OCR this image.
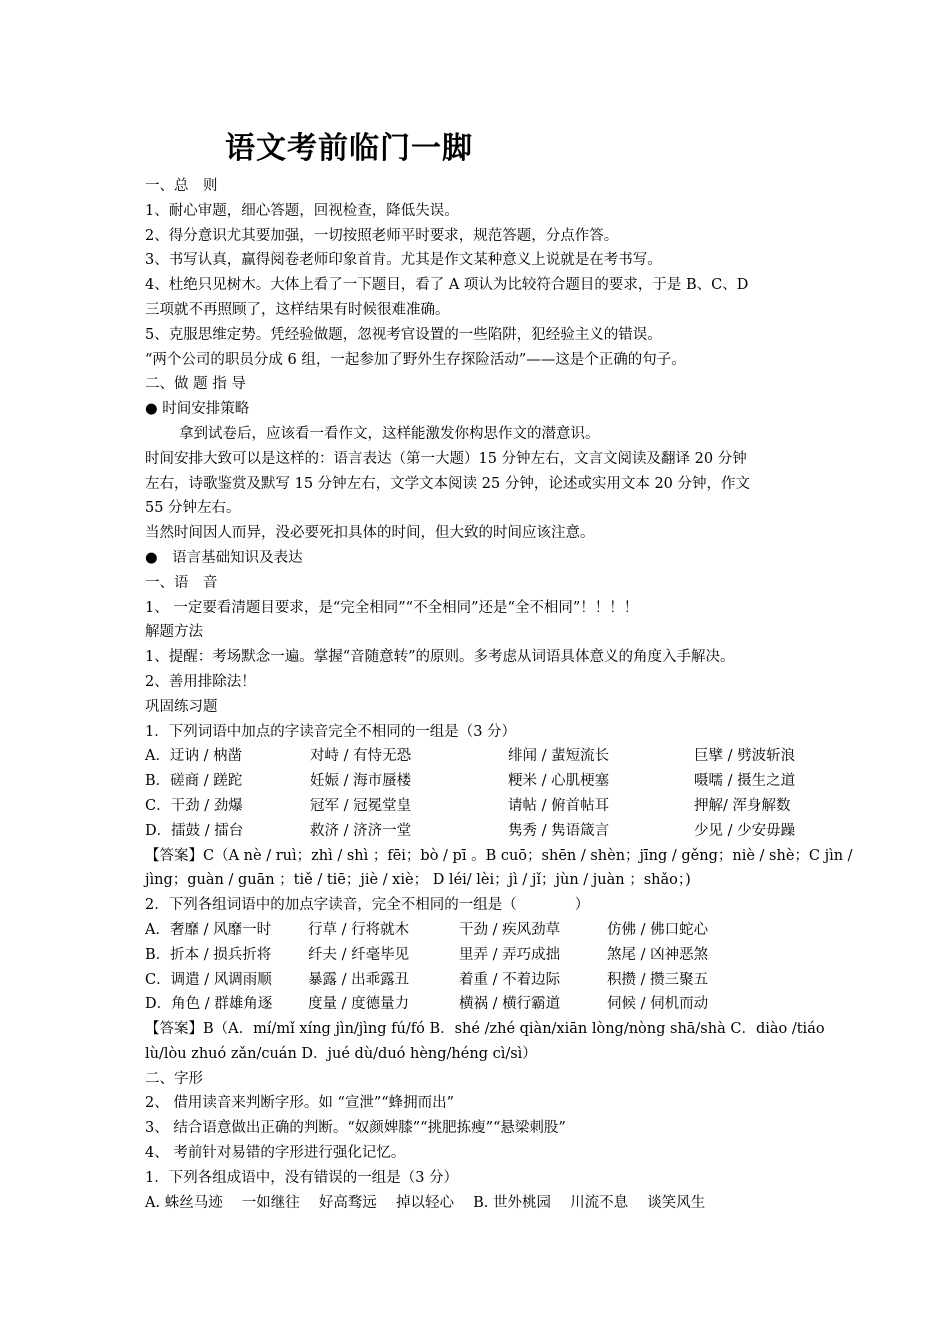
语文考前临门一脚
一、总　则
1、耐心审题，细心答题，回视检查，降低失误。
2、得分意识尤其要加强，一切按照老师平时要求，规范答题，分点作答。
3、书写认真，赢得阅卷老师印象首肯。尤其是作文某种意义上说就是在考书写。
4、杜绝只见树木。大体上看了一下题目，看了 A 项认为比较符合题目的要求，于是 B、C、D
三项就不再照顾了，这样结果有时候很难准确。
5、克服思维定势。凭经验做题，忽视考官设置的一些陷阱，犯经验主义的错误。
“两个公司的职员分成 6 组，一起参加了野外生存探险活动”——这是个正确的句子。
二、做 题 指 导
● 时间安排策略
拿到试卷后，应该看一看作文，这样能激发你构思作文的潜意识。
时间安排大致可以是这样的：语言表达（第一大题）15 分钟左右，文言文阅读及翻译 20 分钟
左右，诗歌鉴赏及默写 15 分钟左右，文学文本阅读 25 分钟，论述或实用文本 20 分钟，作文
55 分钟左右。
当然时间因人而异，没必要死扣具体的时间，但大致的时间应该注意。
●　语言基础知识及表达
一、语　音
1、 一定要看清题目要求，是“完全相同”“不全相同”还是“全不相同”！！！！
解题方法
1、提醒：考场默念一遍。掌握“音随意转”的原则。多考虑从词语具体意义的角度入手解决。
2、善用排除法！
巩固练习题
1．下列词语中加点的字读音完全不相同的一组是（3 分）
A．迂讷 / 枘凿	对峙 / 有恃无恐	绯闻 / 蜚短流长	巨擘 / 劈波斩浪
B．磋商 / 蹉跎	妊娠 / 海市蜃楼	粳米 / 心肌梗塞	嗫嚅 / 摄生之道
C．干劲 / 劲爆	冠军 / 冠冕堂皇	请帖 / 俯首帖耳	押解/ 浑身解数
D．擂鼓 / 擂台	救济 / 济济一堂	隽秀 / 隽语箴言	少见 / 少安毋躁
【答案】C（A nè / ruì；zhì / shì ；fēi；bò / pī 。B cuō；shēn / shèn；jīng / gěng；niè / shè；C jìn /
jìng；guàn / guān ；tiě / tiē；jiè / xiè； D léi/ lèi；jì / jǐ；jùn / juàn ；shǎo；)
2．下列各组词语中的加点字读音，完全不相同的一组是（　　　　）
A．奢靡 / 风靡一时	行草 / 行将就木	干劲 / 疾风劲草	仿佛 / 佛口蛇心
B．折本 / 损兵折将	纤夫 / 纤毫毕见	里弄 / 弄巧成拙	煞尾 / 凶神恶煞
C．调遣 / 风调雨顺	暴露 / 出乖露丑	着重 / 不着边际	积攒 / 攒三聚五
D．角色 / 群雄角逐	度量 / 度德量力	横祸 / 横行霸道	伺候 / 伺机而动
【答案】B（A．mí/mǐ xíng jìn/jìng fú/fó B．shé /zhé qiàn/xiān lòng/nòng shā/shà C．diào /tiáo
lù/lòu zhuó zǎn/cuán D．jué dù/duó hèng/héng cì/sì）
二、字形
2、 借用读音来判断字形。如 “宣泄”“蜂拥而出”
3、 结合语意做出正确的判断。“奴颜婢膝”“挑肥拣瘦”“悬梁刺股”
4、 考前针对易错的字形进行强化记忆。
1．下列各组成语中，没有错误的一组是（3 分）
A. 蛛丝马迹　 一如继往　 好高骛远　 掉以轻心　 B. 世外桃园　 川流不息　 谈笑风生
